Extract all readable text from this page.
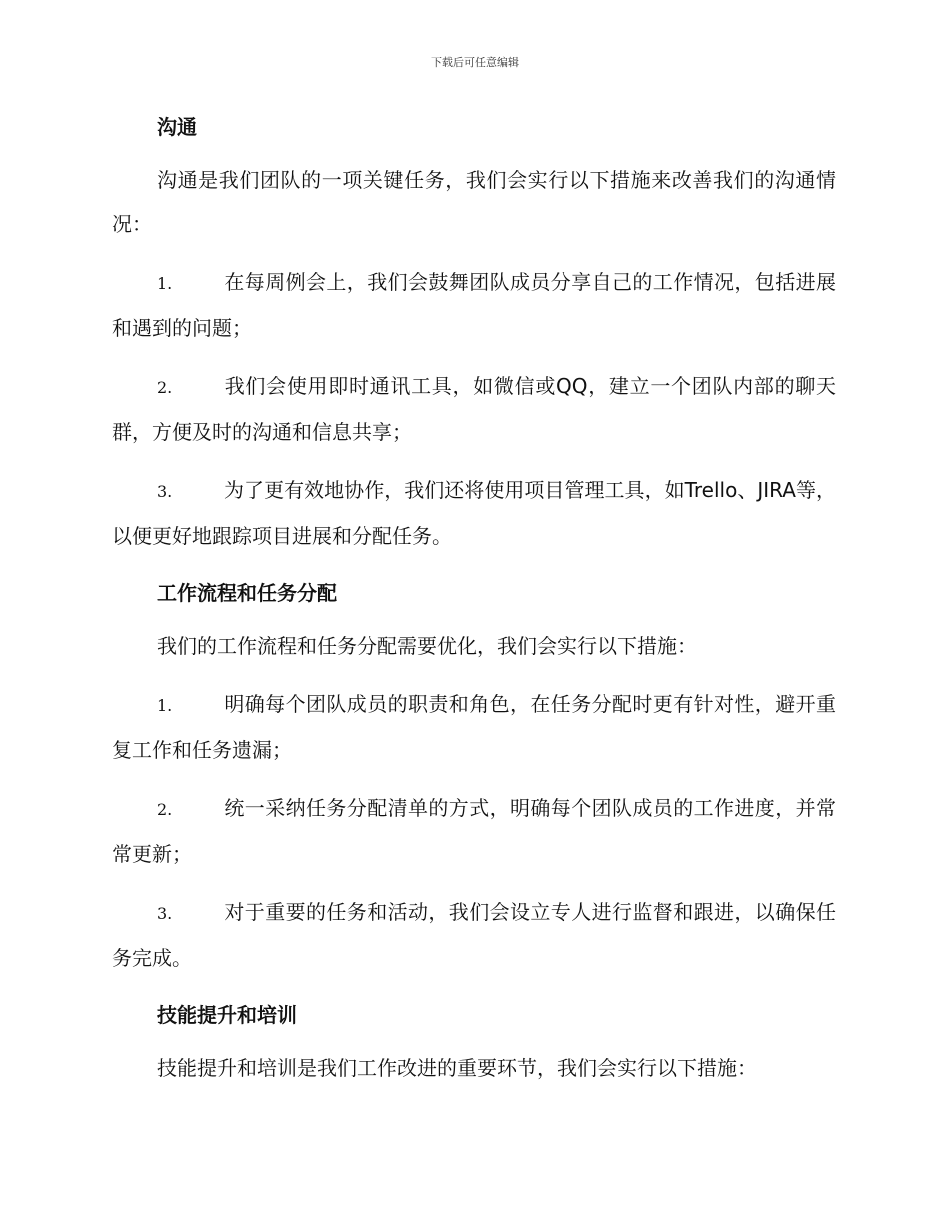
下载后可任意编辑
沟通

沟通是我们团队的一项关键任务，我们会实行以下措施来改善我们的沟通情况：

1.	在每周例会上，我们会鼓舞团队成员分享自己的工作情况，包括进展和遇到的问题；

2.	我们会使用即时通讯工具，如微信或QQ，建立一个团队内部的聊天群，方便及时的沟通和信息共享；

3.	为了更有效地协作，我们还将使用项目管理工具，如Trello、JIRA等，以便更好地跟踪项目进展和分配任务。

工作流程和任务分配

我们的工作流程和任务分配需要优化，我们会实行以下措施：

1.	明确每个团队成员的职责和角色，在任务分配时更有针对性，避开重复工作和任务遗漏；

2.	统一采纳任务分配清单的方式，明确每个团队成员的工作进度，并常常更新；

3.	对于重要的任务和活动，我们会设立专人进行监督和跟进，以确保任务完成。

技能提升和培训

技能提升和培训是我们工作改进的重要环节，我们会实行以下措施：
